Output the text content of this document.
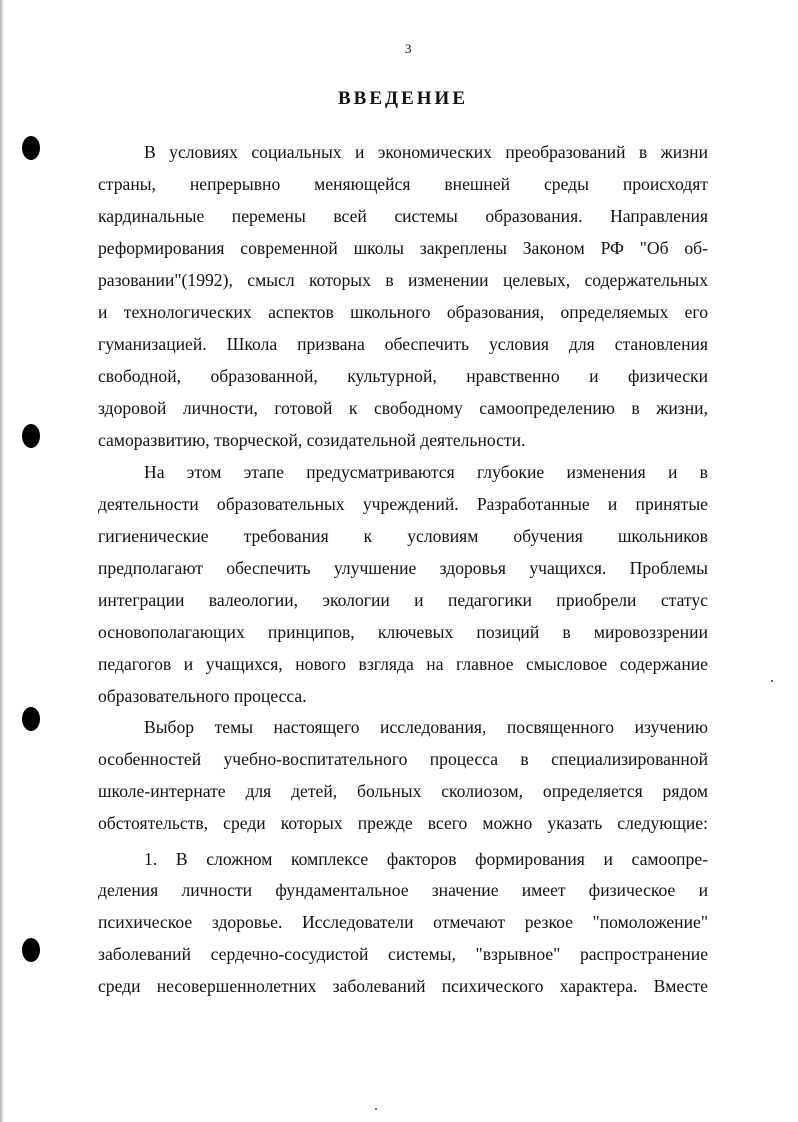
3
ВВЕДЕНИЕ
В условиях социальных и экономических преобразований в жизни
страны, непрерывно меняющейся внешней среды происходят
кардинальные перемены всей системы образования. Направления
реформирования современной школы закреплены Законом РФ "Об об-
разовании"(1992), смысл которых в изменении целевых, содержательных
и технологических аспектов школьного образования, определяемых его
гуманизацией. Школа призвана обеспечить условия для становления
свободной, образованной, культурной, нравственно и физически
здоровой личности, готовой к свободному самоопределению в жизни,
саморазвитию, творческой, созидательной деятельности.
На этом этапе предусматриваются глубокие изменения и в
деятельности образовательных учреждений. Разработанные и принятые
гигиенические требования к условиям обучения школьников
предполагают обеспечить улучшение здоровья учащихся. Проблемы
интеграции валеологии, экологии и педагогики приобрели статус
основополагающих принципов, ключевых позиций в мировоззрении
педагогов и учащихся, нового взгляда на главное смысловое содержание
образовательного процесса.
Выбор темы настоящего исследования, посвященного изучению
особенностей учебно-воспитательного процесса в специализированной
школе-интернате для детей, больных сколиозом, определяется рядом
обстоятельств, среди которых прежде всего можно указать следующие:
1. В сложном комплексе факторов формирования и самоопре-
деления личности фундаментальное значение имеет физическое и
психическое здоровье. Исследователи отмечают резкое "помоложение"
заболеваний сердечно-сосудистой системы, "взрывное" распространение
среди несовершеннолетних заболеваний психического характера. Вместе
